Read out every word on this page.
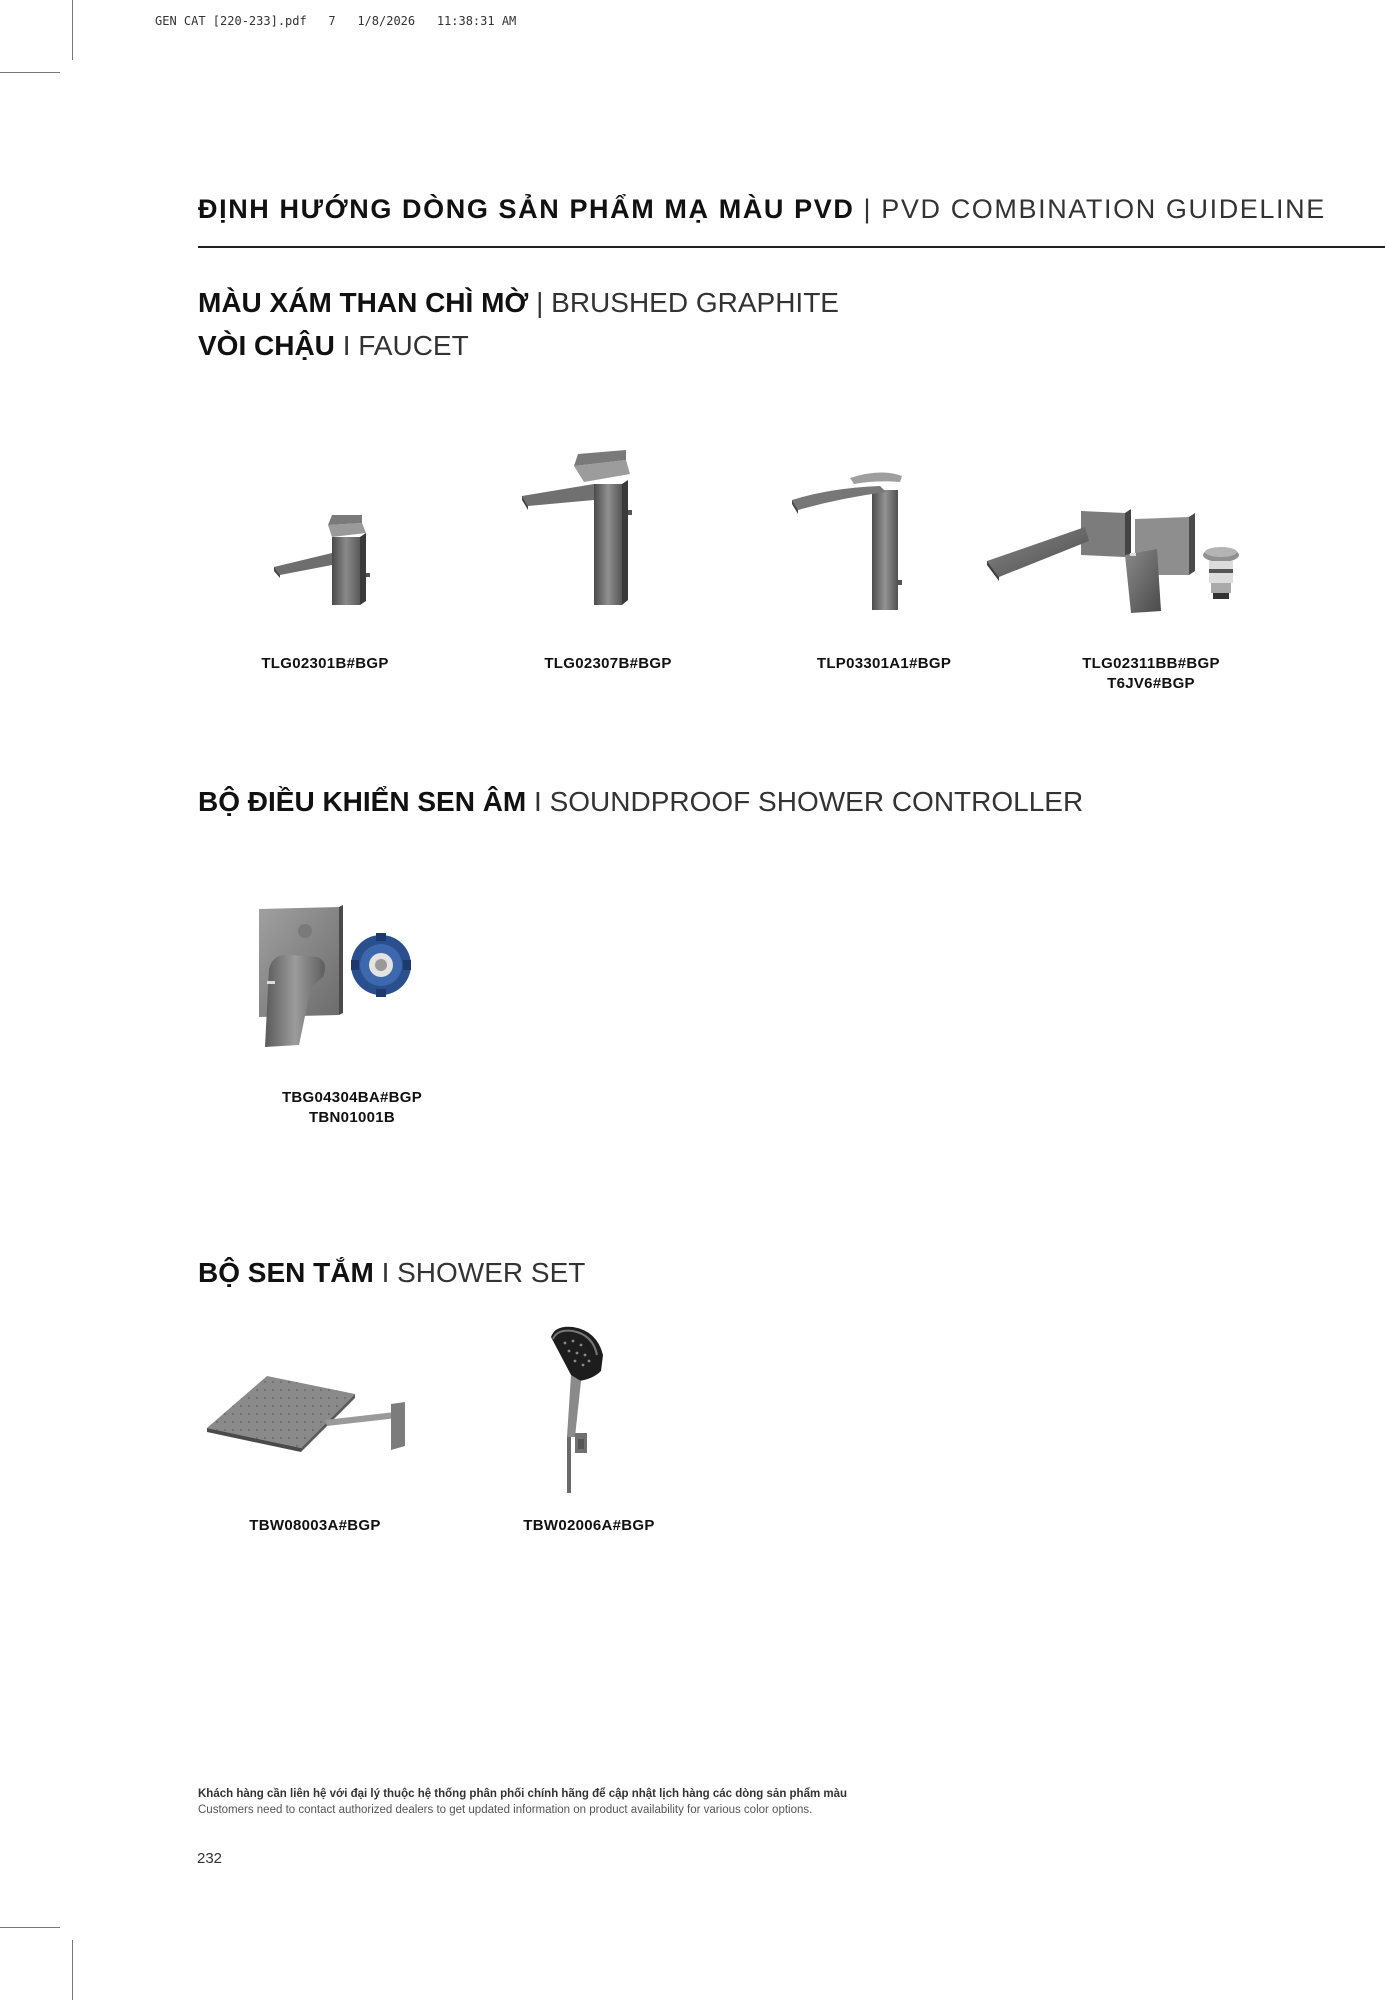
GEN CAT [220-233].pdf 7 1/8/2026 11:38:31 AM
ĐỊNH HƯỚNG DÒNG SẢN PHẨM MẠ MÀU PVD | PVD COMBINATION GUIDELINE
MÀU XÁM THAN CHÌ MỜ | BRUSHED GRAPHITE
VÒI CHẬU I FAUCET
TLG02301B#BGP	TLG02307B#BGP	TLP03301A1#BGP	TLG02311BB#BGP
T6JV6#BGP
BỘ ĐIỀU KHIỂN SEN ÂM I SOUNDPROOF SHOWER CONTROLLER
TBG04304BA#BGP
TBN01001B
BỘ SEN TẮM I SHOWER SET
TBW08003A#BGP	TBW02006A#BGP
Khách hàng cần liên hệ với đại lý thuộc hệ thống phân phối chính hãng để cập nhật lịch hàng các dòng sản phẩm màu
Customers need to contact authorized dealers to get updated information on product availability for various color options.
232
